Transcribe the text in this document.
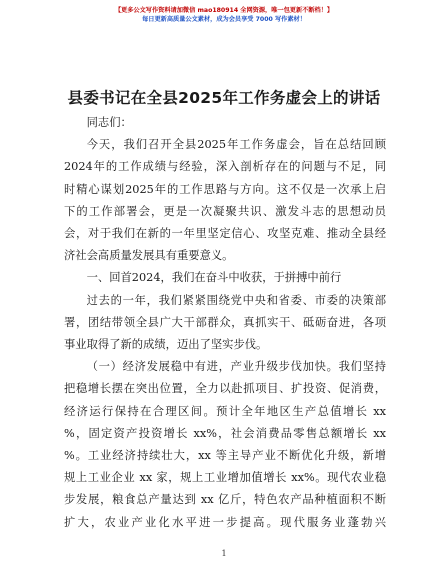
【更多公文写作资料请加微信 mao180914 全网资源，唯一包更新不断档！】
每日更新高质量公文素材，成为会员享受 7000 写作素材！
县委书记在全县2025年工作务虚会上的讲话

同志们：

今天，我们召开全县2025年工作务虚会，旨在总结回顾
2024年的工作成绩与经验，深入剖析存在的问题与不足，同
时精心谋划2025年的工作思路与方向。这不仅是一次承上启
下的工作部署会，更是一次凝聚共识、激发斗志的思想动员
会，对于我们在新的一年里坚定信心、攻坚克难、推动全县经
济社会高质量发展具有重要意义。

一、回首2024，我们在奋斗中收获，于拼搏中前行

过去的一年，我们紧紧围绕党中央和省委、市委的决策部
署，团结带领全县广大干部群众，真抓实干、砥砺奋进，各项
事业取得了新的成绩，迈出了坚实步伐。
（一）经济发展稳中有进，产业升级步伐加快。我们坚持
把稳增长摆在突出位置，全力以赴抓项目、扩投资、促消费，
经济运行保持在合理区间。预计全年地区生产总值增长 xx
%，固定资产投资增长 xx%，社会消费品零售总额增长 xx
%。工业经济持续壮大，xx 等主导产业不断优化升级，新增
规上工业企业 xx 家，规上工业增加值增长 xx%。现代农业稳
步发展，粮食总产量达到 xx 亿斤，特色农产品种植面积不断
扩大，农业产业化水平进一步提高。现代服务业蓬勃兴
1
